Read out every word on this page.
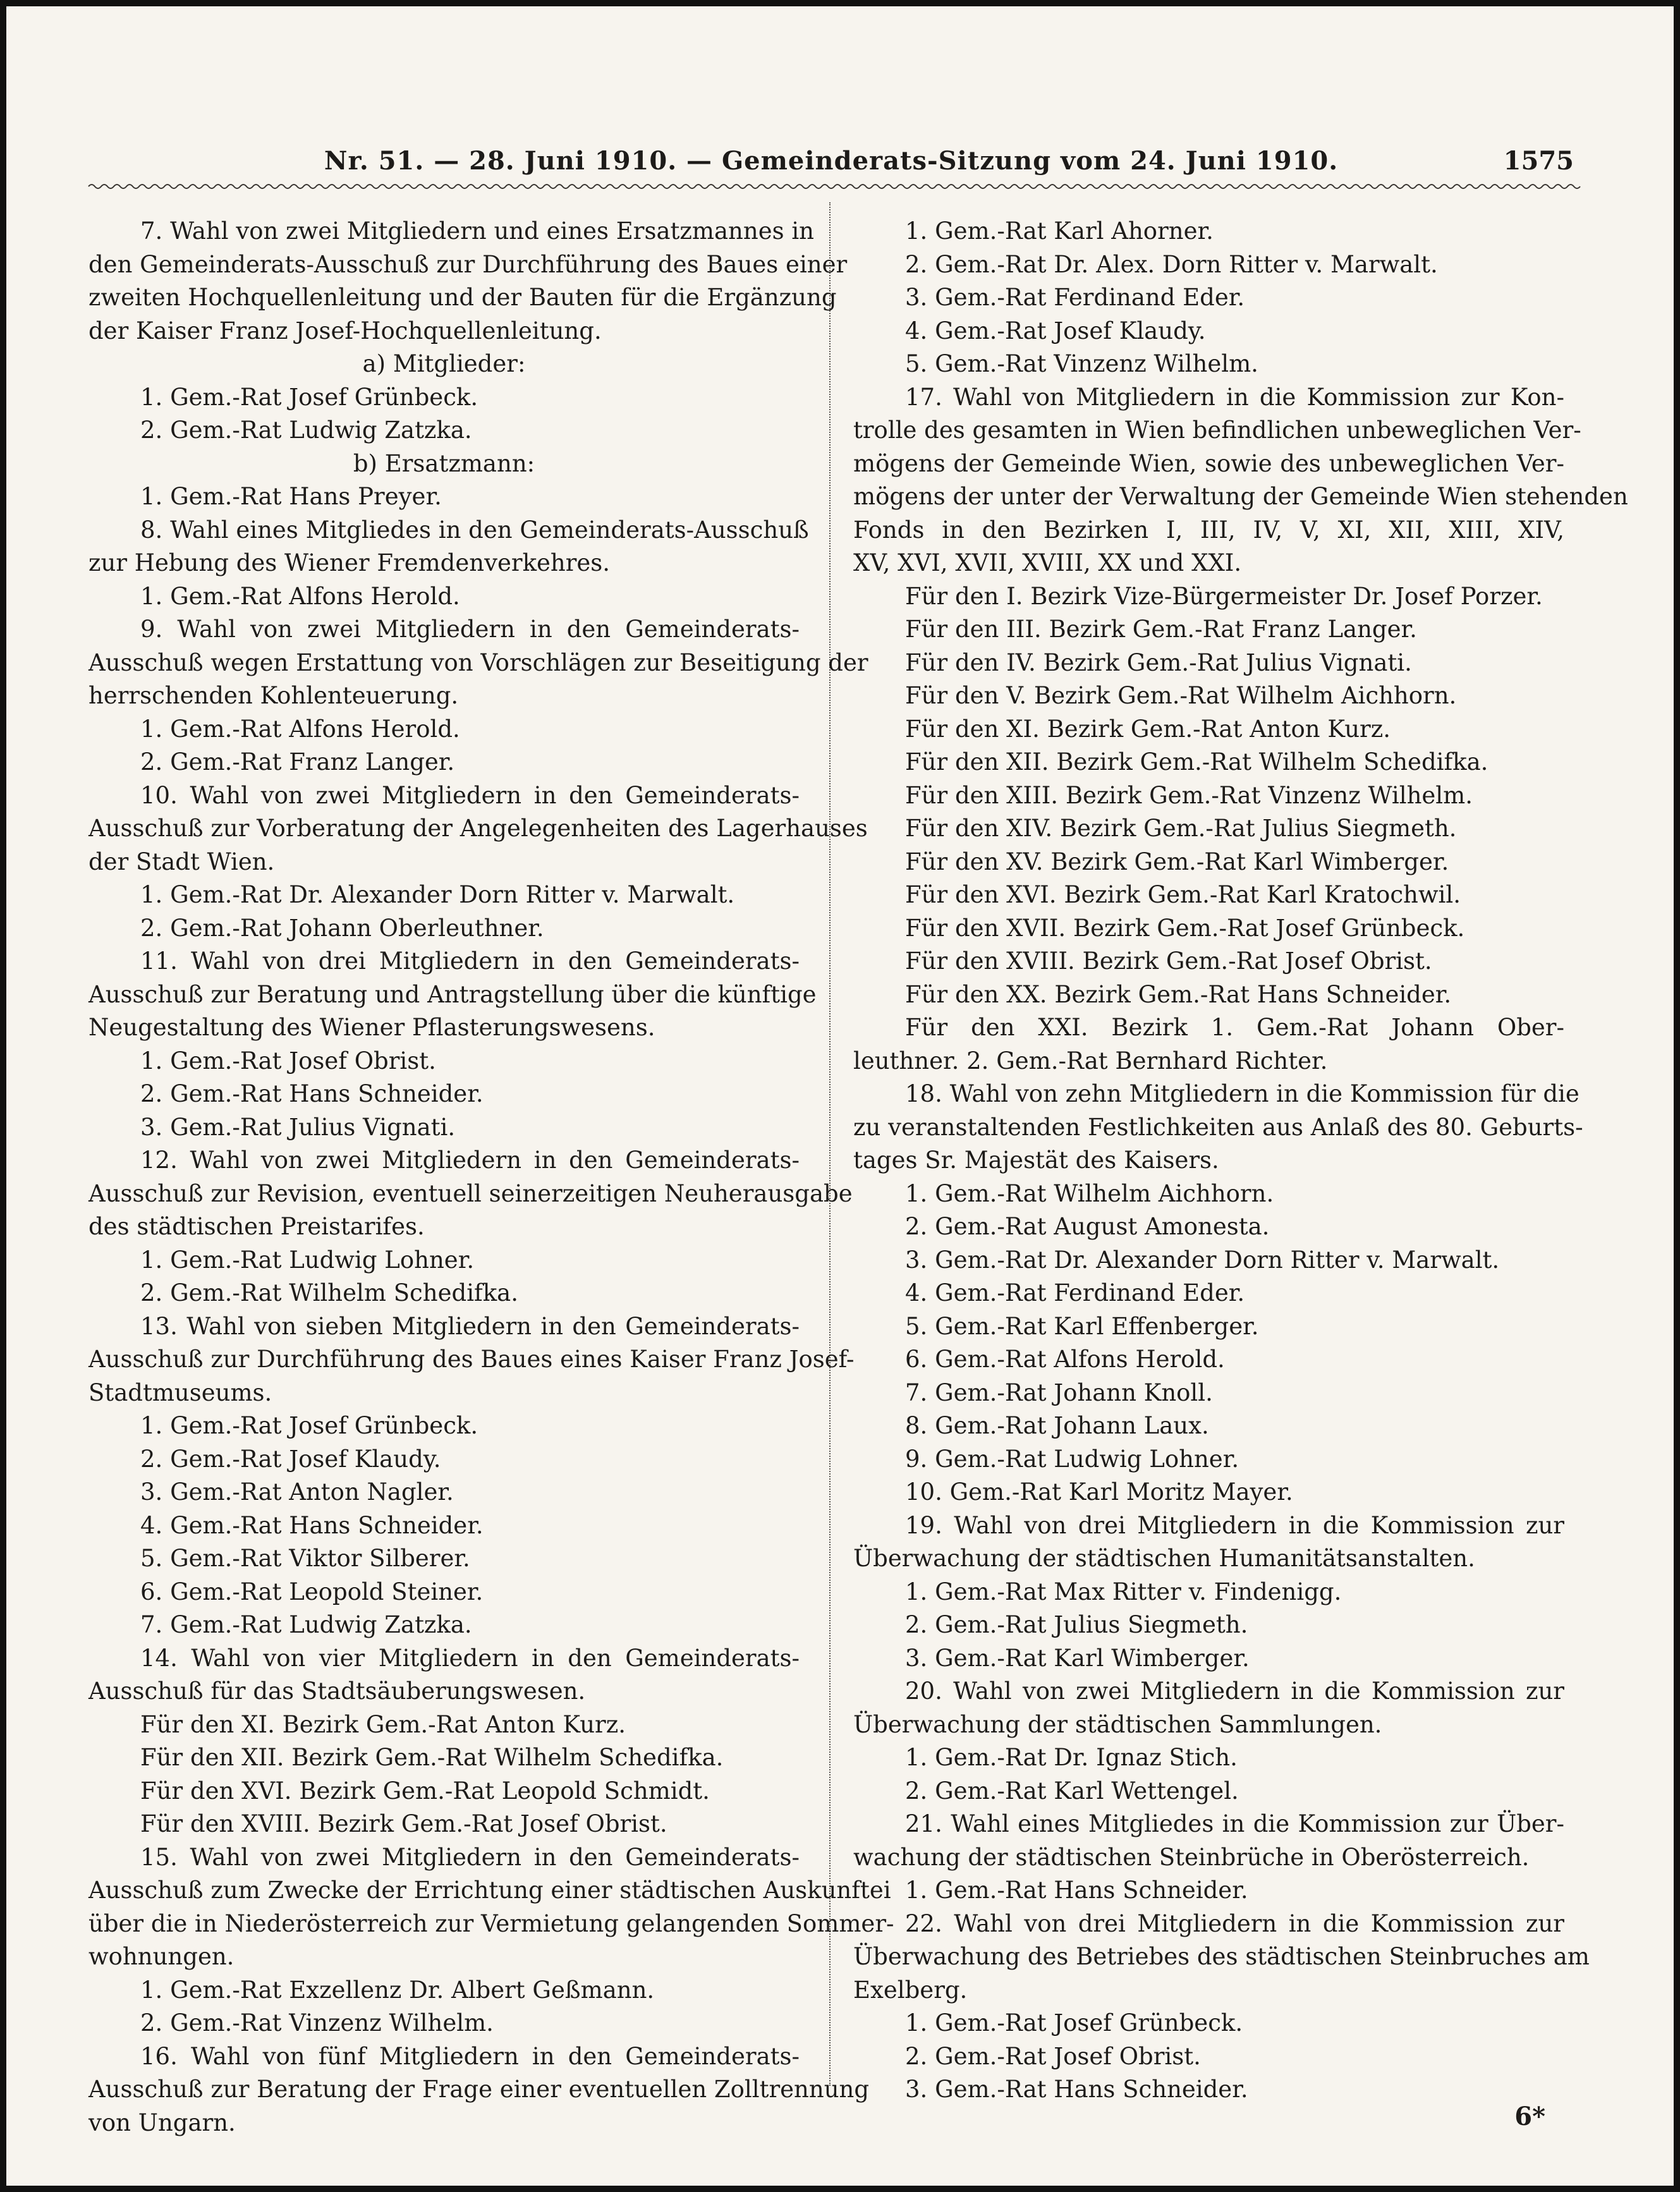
Nr. 51. — 28. Juni 1910. — Gemeinderats-Sitzung vom 24. Juni 1910.	1575
7. Wahl von zwei Mitgliedern und eines Ersatzmannes in
den Gemeinderats-Ausschuß zur Durchführung des Baues einer
zweiten Hochquellenleitung und der Bauten für die Ergänzung
der Kaiser Franz Josef-Hochquellenleitung.
a) Mitglieder:
1. Gem.-Rat Josef Grünbeck.
2. Gem.-Rat Ludwig Zatzka.
b) Ersatzmann:
1. Gem.-Rat Hans Preyer.
8. Wahl eines Mitgliedes in den Gemeinderats-Ausschuß
zur Hebung des Wiener Fremdenverkehres.
1. Gem.-Rat Alfons Herold.
9. Wahl von zwei Mitgliedern in den Gemeinderats-
Ausschuß wegen Erstattung von Vorschlägen zur Beseitigung der
herrschenden Kohlenteuerung.
1. Gem.-Rat Alfons Herold.
2. Gem.-Rat Franz Langer.
10. Wahl von zwei Mitgliedern in den Gemeinderats-
Ausschuß zur Vorberatung der Angelegenheiten des Lagerhauses
der Stadt Wien.
1. Gem.-Rat Dr. Alexander Dorn Ritter v. Marwalt.
2. Gem.-Rat Johann Oberleuthner.
11. Wahl von drei Mitgliedern in den Gemeinderats-
Ausschuß zur Beratung und Antragstellung über die künftige
Neugestaltung des Wiener Pflasterungswesens.
1. Gem.-Rat Josef Obrist.
2. Gem.-Rat Hans Schneider.
3. Gem.-Rat Julius Vignati.
12. Wahl von zwei Mitgliedern in den Gemeinderats-
Ausschuß zur Revision, eventuell seinerzeitigen Neuherausgabe
des städtischen Preistarifes.
1. Gem.-Rat Ludwig Lohner.
2. Gem.-Rat Wilhelm Schedifka.
13. Wahl von sieben Mitgliedern in den Gemeinderats-
Ausschuß zur Durchführung des Baues eines Kaiser Franz Josef-
Stadtmuseums.
1. Gem.-Rat Josef Grünbeck.
2. Gem.-Rat Josef Klaudy.
3. Gem.-Rat Anton Nagler.
4. Gem.-Rat Hans Schneider.
5. Gem.-Rat Viktor Silberer.
6. Gem.-Rat Leopold Steiner.
7. Gem.-Rat Ludwig Zatzka.
14. Wahl von vier Mitgliedern in den Gemeinderats-
Ausschuß für das Stadtsäuberungswesen.
Für den XI. Bezirk Gem.-Rat Anton Kurz.
Für den XII. Bezirk Gem.-Rat Wilhelm Schedifka.
Für den XVI. Bezirk Gem.-Rat Leopold Schmidt.
Für den XVIII. Bezirk Gem.-Rat Josef Obrist.
15. Wahl von zwei Mitgliedern in den Gemeinderats-
Ausschuß zum Zwecke der Errichtung einer städtischen Auskunftei
über die in Niederösterreich zur Vermietung gelangenden Sommer-
wohnungen.
1. Gem.-Rat Exzellenz Dr. Albert Geßmann.
2. Gem.-Rat Vinzenz Wilhelm.
16. Wahl von fünf Mitgliedern in den Gemeinderats-
Ausschuß zur Beratung der Frage einer eventuellen Zolltrennung
von Ungarn.
1. Gem.-Rat Karl Ahorner.
2. Gem.-Rat Dr. Alex. Dorn Ritter v. Marwalt.
3. Gem.-Rat Ferdinand Eder.
4. Gem.-Rat Josef Klaudy.
5. Gem.-Rat Vinzenz Wilhelm.
17. Wahl von Mitgliedern in die Kommission zur Kon-
trolle des gesamten in Wien befindlichen unbeweglichen Ver-
mögens der Gemeinde Wien, sowie des unbeweglichen Ver-
mögens der unter der Verwaltung der Gemeinde Wien stehenden
Fonds in den Bezirken I, III, IV, V, XI, XII, XIII, XIV,
XV, XVI, XVII, XVIII, XX und XXI.
Für den I. Bezirk Vize-Bürgermeister Dr. Josef Porzer.
Für den III. Bezirk Gem.-Rat Franz Langer.
Für den IV. Bezirk Gem.-Rat Julius Vignati.
Für den V. Bezirk Gem.-Rat Wilhelm Aichhorn.
Für den XI. Bezirk Gem.-Rat Anton Kurz.
Für den XII. Bezirk Gem.-Rat Wilhelm Schedifka.
Für den XIII. Bezirk Gem.-Rat Vinzenz Wilhelm.
Für den XIV. Bezirk Gem.-Rat Julius Siegmeth.
Für den XV. Bezirk Gem.-Rat Karl Wimberger.
Für den XVI. Bezirk Gem.-Rat Karl Kratochwil.
Für den XVII. Bezirk Gem.-Rat Josef Grünbeck.
Für den XVIII. Bezirk Gem.-Rat Josef Obrist.
Für den XX. Bezirk Gem.-Rat Hans Schneider.
Für den XXI. Bezirk 1. Gem.-Rat Johann Ober-
leuthner. 2. Gem.-Rat Bernhard Richter.
18. Wahl von zehn Mitgliedern in die Kommission für die
zu veranstaltenden Festlichkeiten aus Anlaß des 80. Geburts-
tages Sr. Majestät des Kaisers.
1. Gem.-Rat Wilhelm Aichhorn.
2. Gem.-Rat August Amonesta.
3. Gem.-Rat Dr. Alexander Dorn Ritter v. Marwalt.
4. Gem.-Rat Ferdinand Eder.
5. Gem.-Rat Karl Effenberger.
6. Gem.-Rat Alfons Herold.
7. Gem.-Rat Johann Knoll.
8. Gem.-Rat Johann Laux.
9. Gem.-Rat Ludwig Lohner.
10. Gem.-Rat Karl Moritz Mayer.
19. Wahl von drei Mitgliedern in die Kommission zur
Überwachung der städtischen Humanitätsanstalten.
1. Gem.-Rat Max Ritter v. Findenigg.
2. Gem.-Rat Julius Siegmeth.
3. Gem.-Rat Karl Wimberger.
20. Wahl von zwei Mitgliedern in die Kommission zur
Überwachung der städtischen Sammlungen.
1. Gem.-Rat Dr. Ignaz Stich.
2. Gem.-Rat Karl Wettengel.
21. Wahl eines Mitgliedes in die Kommission zur Über-
wachung der städtischen Steinbrüche in Oberösterreich.
1. Gem.-Rat Hans Schneider.
22. Wahl von drei Mitgliedern in die Kommission zur
Überwachung des Betriebes des städtischen Steinbruches am
Exelberg.
1. Gem.-Rat Josef Grünbeck.
2. Gem.-Rat Josef Obrist.
3. Gem.-Rat Hans Schneider.
6*
